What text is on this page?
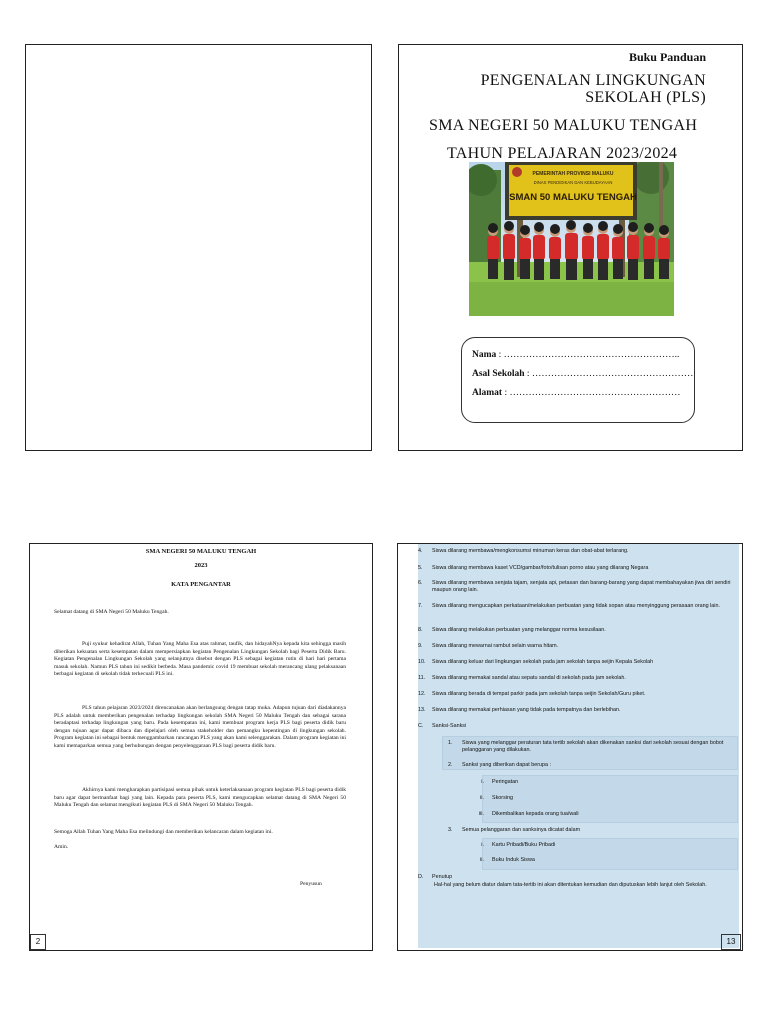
Buku Panduan
PENGENALAN LINGKUNGAN
SEKOLAH (PLS)
SMA NEGERI 50 MALUKU TENGAH
TAHUN PELAJARAN 2023/2024
PEMERINTAH PROVINSI MALUKU
DINAS PENDIDIKAN DAN KEBUDAYAAN
SMAN 50 MALUKU TENGAH
Nama : ………………………………………………..
Asal Sekolah : ……………………………………………
Alamat : ………………………………………………
SMA NEGERI 50 MALUKU TENGAH
2023
KATA PENGANTAR
Selamat datang di SMA Negeri 50 Maluku Tengah.
Puji syukur kehadirat Allah, Tuhan Yang Maha Esa atas rahmat, taufik, dan hidayahNya kepada kita sehingga masih diberikan kekuatan serta kesempatan dalam mempersiapkan kegiatan Pengenalan Lingkungan Sekolah bagi Peserta Didik Baru. Kegiatan Pengenalan Lingkungan Sekolah yang selanjutnya disebut dengan PLS sebagai kegiatan rutin di hari hari pertama masuk sekolah. Namun PLS tahun ini sedikit berbeda. Masa pandemic covid 19 membuat sekolah merancang ulang pelaksanaan berbagai kegiatan di sekolah tidak terkecuali PLS ini.
PLS tahun pelajaran 2023/2024 direncanakan akan berlangsung dengan tatap muka. Adapun tujuan dari diadakannya PLS adalah untuk memberikan pengenalan terhadap lingkungan sekolah SMA Negeri 50 Maluku Tengah dan sebagai sarana beradaptasi terhadap lingkungan yang baru. Pada kesempatan ini, kami membuat program kerja PLS bagi peserta didik baru dengan tujuan agar dapat dibaca dan dipelajari oleh semua stakeholder dan pemangku kepentingan di lingkungan sekolah. Program kegiatan ini sebagai bentuk menggambarkan rancangan PLS yang akan kami selenggarakan. Dalam program kegiatan ini kami memaparkan semua yang berhubungan dengan penyelenggaraan PLS bagi peserta didik baru.
Akhirnya kami mengharapkan partisipasi semua pihak untuk keterlaksanaan program kegiatan PLS bagi peserta didik baru agar dapat bermanfaat bagi yang lain. Kepada para peserta PLS, kami mengucapkan selamat datang di SMA Negeri 50 Maluku Tengah dan selamat mengikuti kegiatan PLS di SMA Negeri 50 Maluku Tengah.
Semoga Allah Tuhan Yang Maha Esa melindungi dan memberikan kelancaran dalam kegiatan ini.
Amin.
Penyusun
2
4. Siswa dilarang membawa/mengkonsumsi minuman keras dan obat-abat terlarang.
5. Siswa dilarang membawa kaset VCD/gambar/foto/tulisan porno atau yang dilarang Negara
6. Siswa dilarang membawa senjata tajam, senjata api, petasan dan barang-barang yang dapat membahayakan jiwa diri sendiri maupun orang lain.
7. Siswa dilarang mengucapkan perkataan/melakukan perbuatan yang tidak sopan atau menyinggung perasaan orang lain.
8. Siswa dilarang melakukan perbuatan yang melanggar norma kesusilaan.
9. Siswa dilarang mewarnai rambut selain warna hitam.
10. Siswa dilarang keluar dari lingkungan sekolah pada jam sekolah tanpa seijin Kepala Sekolah
11. Siswa dilarang memakai sandal atau sepatu sandal di sekolah pada jam sekolah.
12. Siswa dilarang berada di tempat parkir pada jam sekolah tanpa seijin Sekolah/Guru piket.
13. Siswa dilarang memakai perhiasan yang tidak pada tempatnya dan berlebihan.
C. Sanksi-Sanksi
1. Siswa yang melanggar peraturan tata tertib sekolah akan dikenakan sanksi dari sekolah sesuai dengan bobot pelanggaran yang dilakukan.
2. Sanksi yang diberikan dapat berupa :
i. Peringatan
ii. Skorsing
iii. Dikembalikan kepada orang tua/wali
3. Semua pelanggaran dan sanksinya dicatat dalam
i. Kartu Pribadi/Buku Pribadi
ii. Buku Induk Siswa
D. Penutup
Hal-hal yang belum diatur dalam tata-tertib ini akan ditentukan kemudian dan diputuskan lebih lanjut oleh Sekolah.
13
